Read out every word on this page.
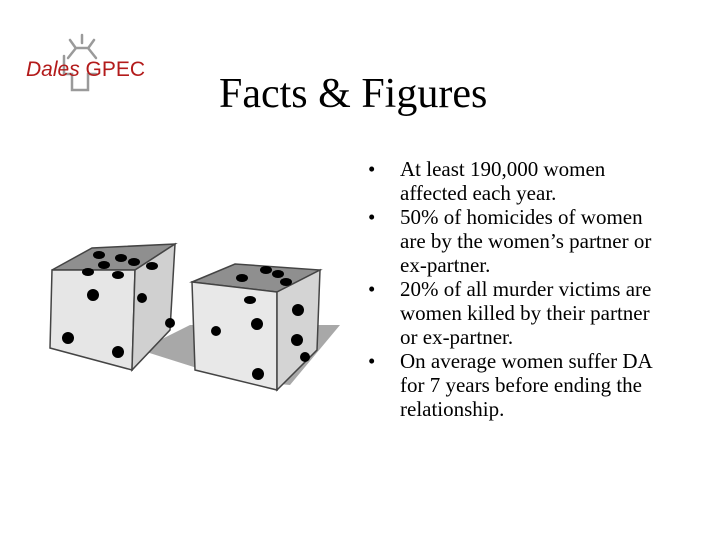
Dales GPEC
Facts & Figures
• At least 190,000 women affected each year.
• 50% of homicides of women are by the women’s partner or ex-partner.
• 20% of all murder victims are women killed by their partner or ex-partner.
• On average women suffer DA for 7 years before ending the relationship.
